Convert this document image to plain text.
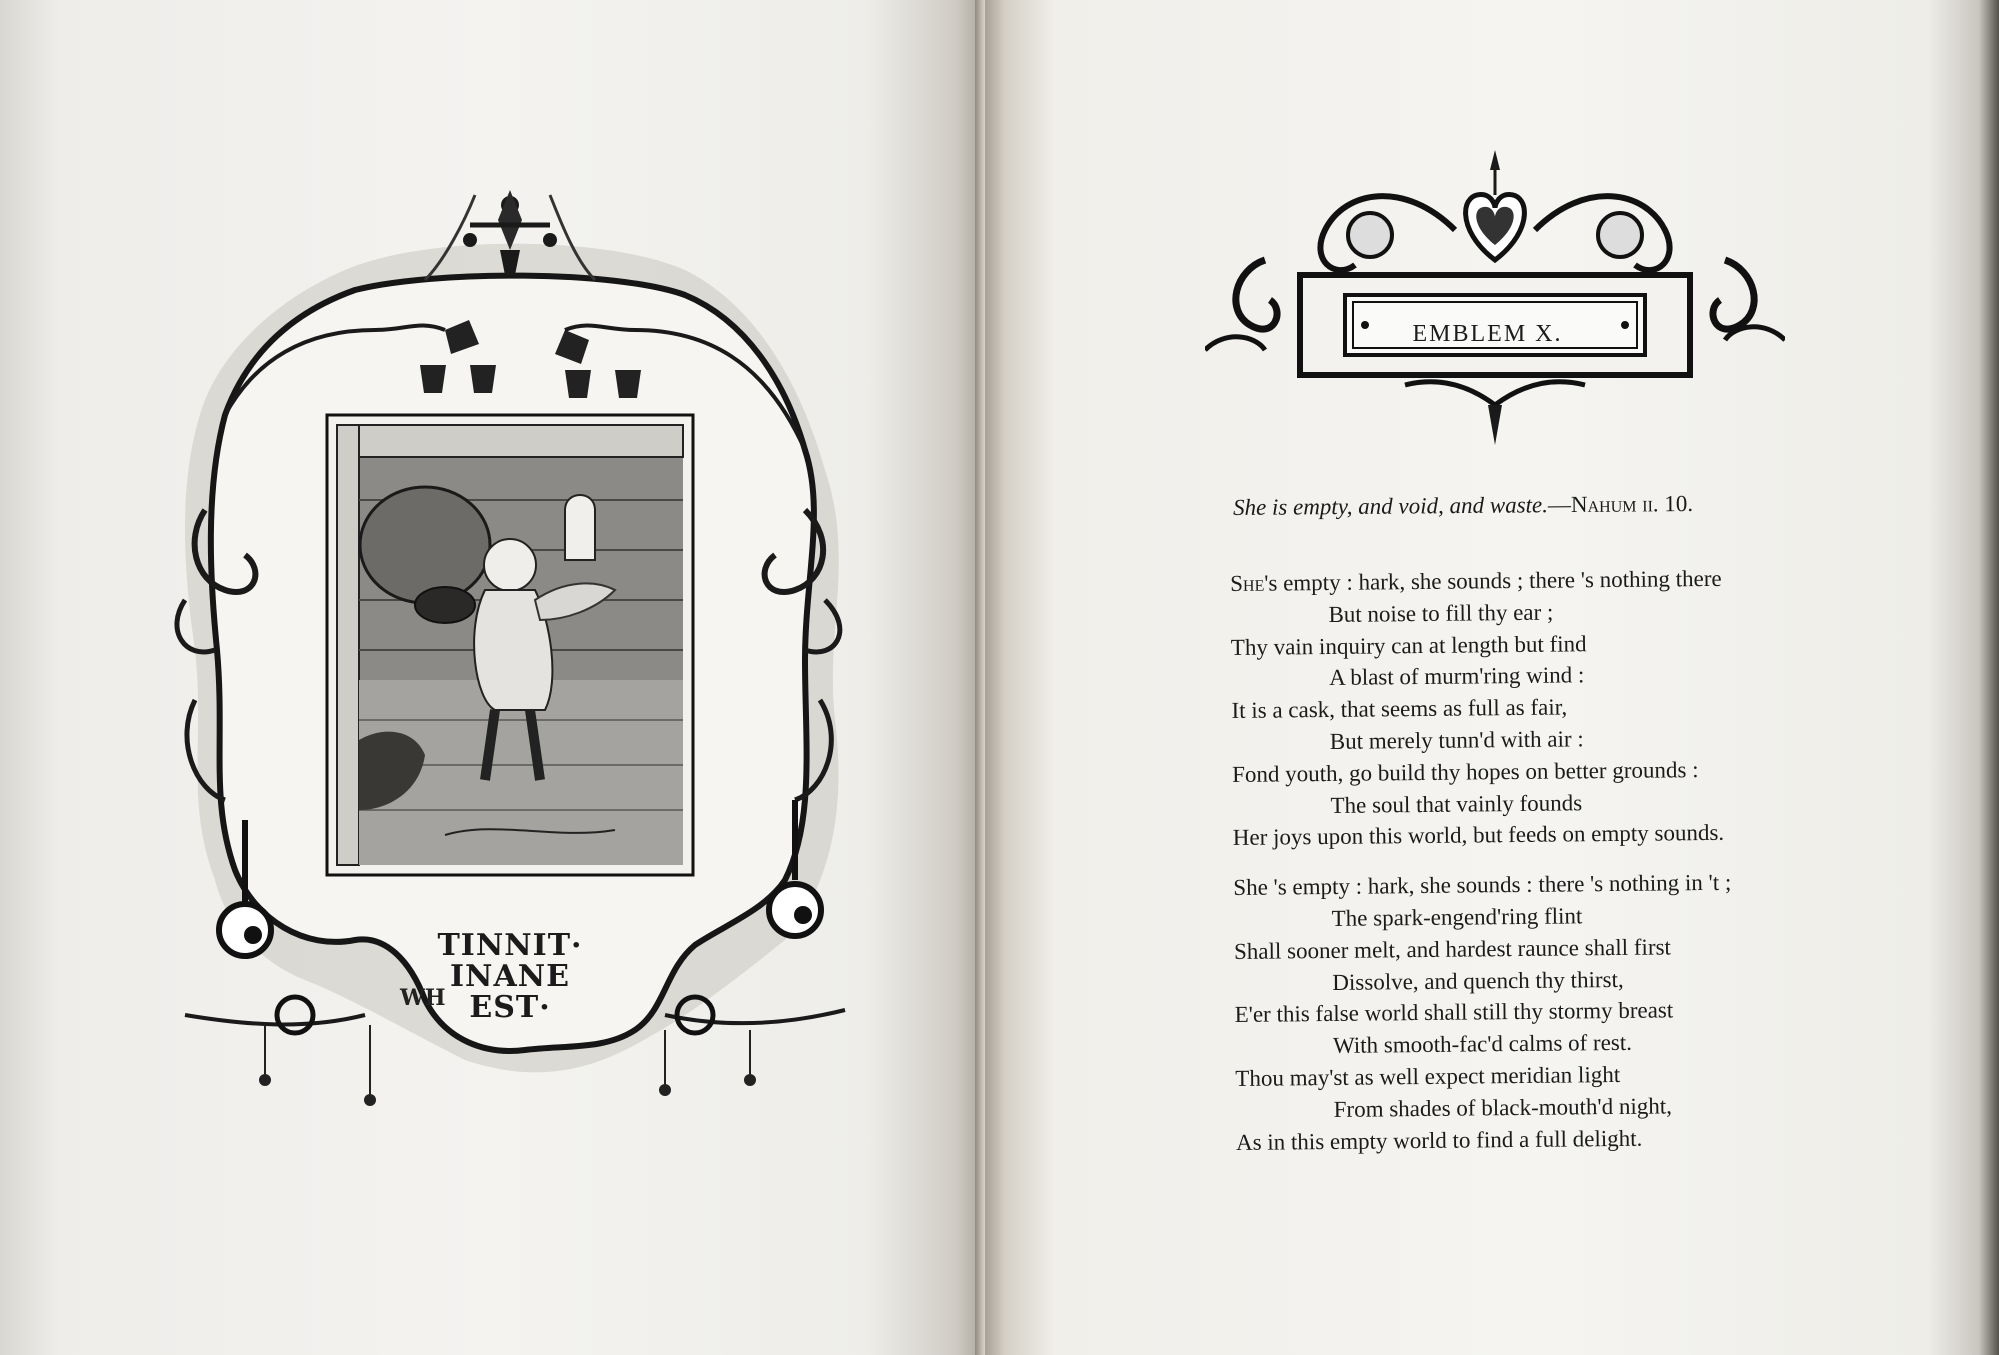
TINNIT·
INANE
EST·
WH
EMBLEM X.
She is empty, and void, and waste.—Nahum ii. 10.
She's empty : hark, she sounds ; there 's nothing there
But noise to fill thy ear ;
Thy vain inquiry can at length but find
A blast of murm'ring wind :
It is a cask, that seems as full as fair,
But merely tunn'd with air :
Fond youth, go build thy hopes on better grounds :
The soul that vainly founds
Her joys upon this world, but feeds on empty sounds.
She 's empty : hark, she sounds : there 's nothing in 't ;
The spark-engend'ring flint
Shall sooner melt, and hardest raunce shall first
Dissolve, and quench thy thirst,
E'er this false world shall still thy stormy breast
With smooth-fac'd calms of rest.
Thou may'st as well expect meridian light
From shades of black-mouth'd night,
As in this empty world to find a full delight.
